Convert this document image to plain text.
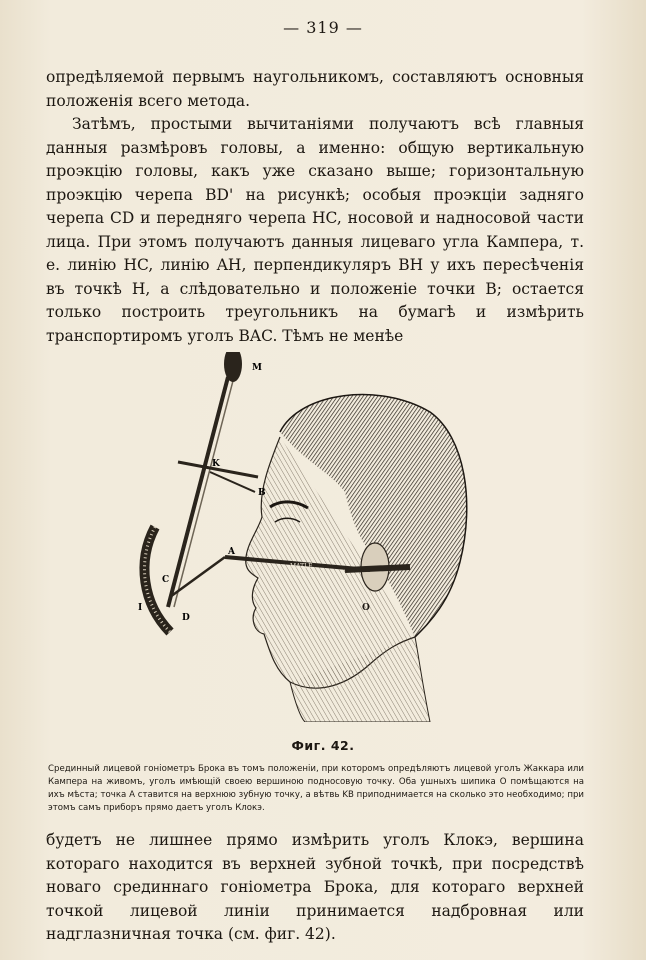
— 319 —

опредѣляемой первымъ наугольникомъ, составляютъ основныя положенія всего метода.

Затѣмъ, простыми вычитаніями получаютъ всѣ главныя данныя размѣровъ головы, а именно: общую вертикальную проэкцію головы, какъ уже сказано выше; горизонтальную проэкцію черепа BD' на рисункѣ; особыя проэкціи задняго черепа CD и передняго черепа HC, носовой и надносовой части лица. При этомъ получаютъ данныя лицеваго угла Кампера, т. е. линію HC, линію AH, перпендикуляръ BH у ихъ пересѣченія въ точкѣ H, а слѣдовательно и положеніе точки B; остается только построить треугольникъ на бумагѣ и измѣрить транспортиромъ уголъ BAC. Тѣмъ не менѣе

M
K
B
A
C
D
I	O
MATLE
Фиг. 42.

Срединный лицевой гоніометръ Брока въ томъ положеніи, при которомъ опредѣляютъ лицевой уголъ Жаккара или Кампера на живомъ, уголъ имѣющій своею вершиною подносовую точку. Оба ушныхъ шипика O помѣщаются на ихъ мѣста; точка A ставится на верхнюю зубную точку, а вѣтвь KB приподнимается на сколько это необходимо; при этомъ самъ приборъ прямо даетъ уголъ Клокэ.

будетъ не лишнее прямо измѣрить уголъ Клокэ, вершина котораго находится въ верхней зубной точкѣ, при посредствѣ новаго срединнаго гоніометра Брока, для котораго верхней точкой лицевой линіи принимается надбровная или надглазничная точка (см. фиг. 42).
